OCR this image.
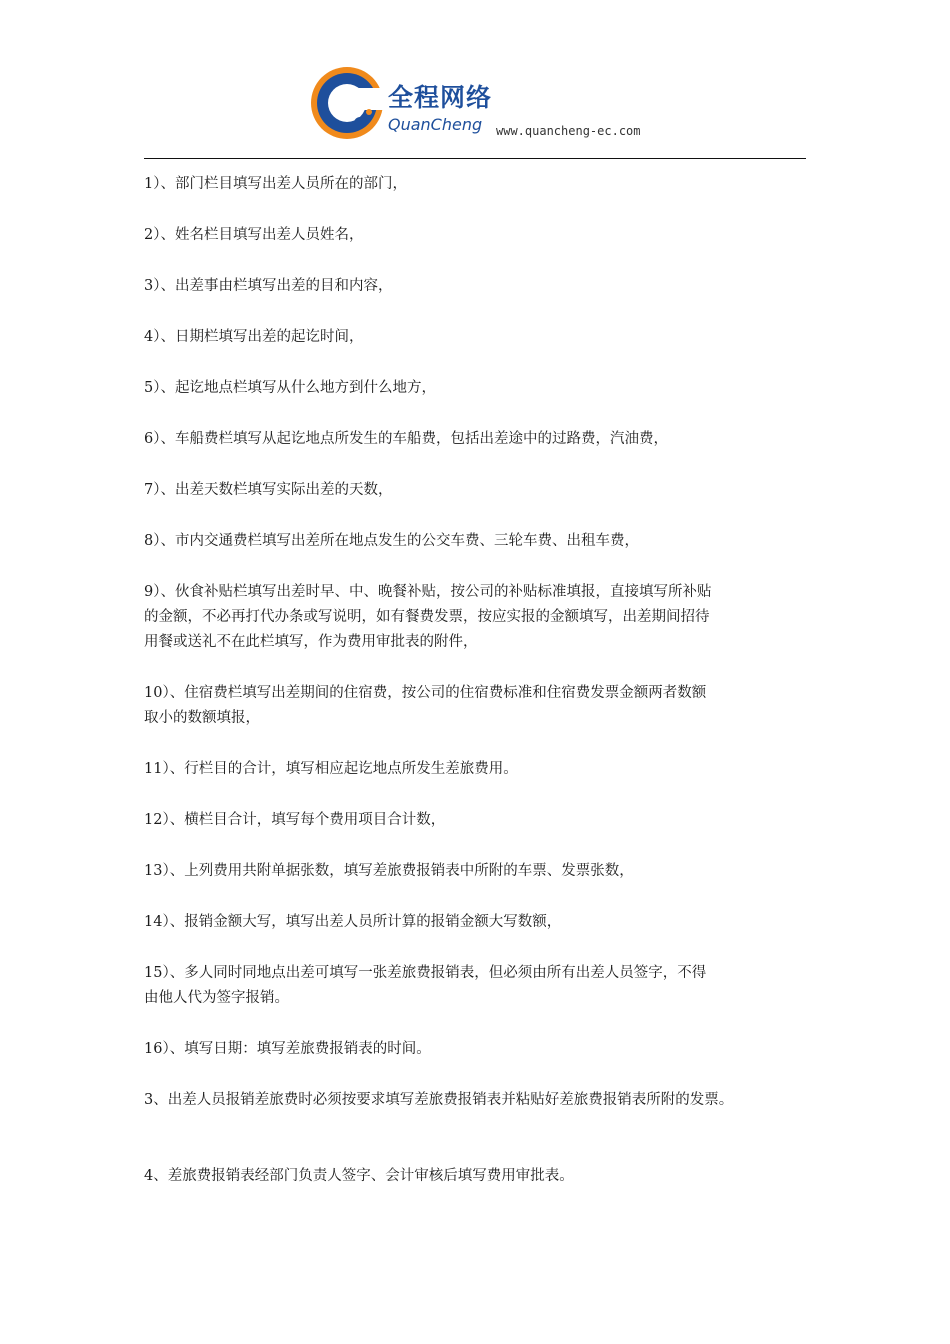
全程网络
QuanCheng www.quancheng-ec.com
1）、部门栏目填写出差人员所在的部门，
2）、姓名栏目填写出差人员姓名，
3）、出差事由栏填写出差的目和内容，
4）、日期栏填写出差的起讫时间，
5）、起讫地点栏填写从什么地方到什么地方，
6）、车船费栏填写从起讫地点所发生的车船费，包括出差途中的过路费，汽油费，
7）、出差天数栏填写实际出差的天数，
8）、市内交通费栏填写出差所在地点发生的公交车费、三轮车费、出租车费，
9）、伙食补贴栏填写出差时早、中、晚餐补贴，按公司的补贴标准填报，直接填写所补贴
的金额，不必再打代办条或写说明，如有餐费发票，按应实报的金额填写，出差期间招待
用餐或送礼不在此栏填写，作为费用审批表的附件，
10）、住宿费栏填写出差期间的住宿费，按公司的住宿费标准和住宿费发票金额两者数额
取小的数额填报，
11）、行栏目的合计，填写相应起讫地点所发生差旅费用。
12）、横栏目合计，填写每个费用项目合计数，
13）、上列费用共附单据张数，填写差旅费报销表中所附的车票、发票张数，
14）、报销金额大写，填写出差人员所计算的报销金额大写数额，
15）、多人同时同地点出差可填写一张差旅费报销表，但必须由所有出差人员签字，不得
由他人代为签字报销。
16）、填写日期：填写差旅费报销表的时间。
3、出差人员报销差旅费时必须按要求填写差旅费报销表并粘贴好差旅费报销表所附的发票。
4、差旅费报销表经部门负责人签字、会计审核后填写费用审批表。
